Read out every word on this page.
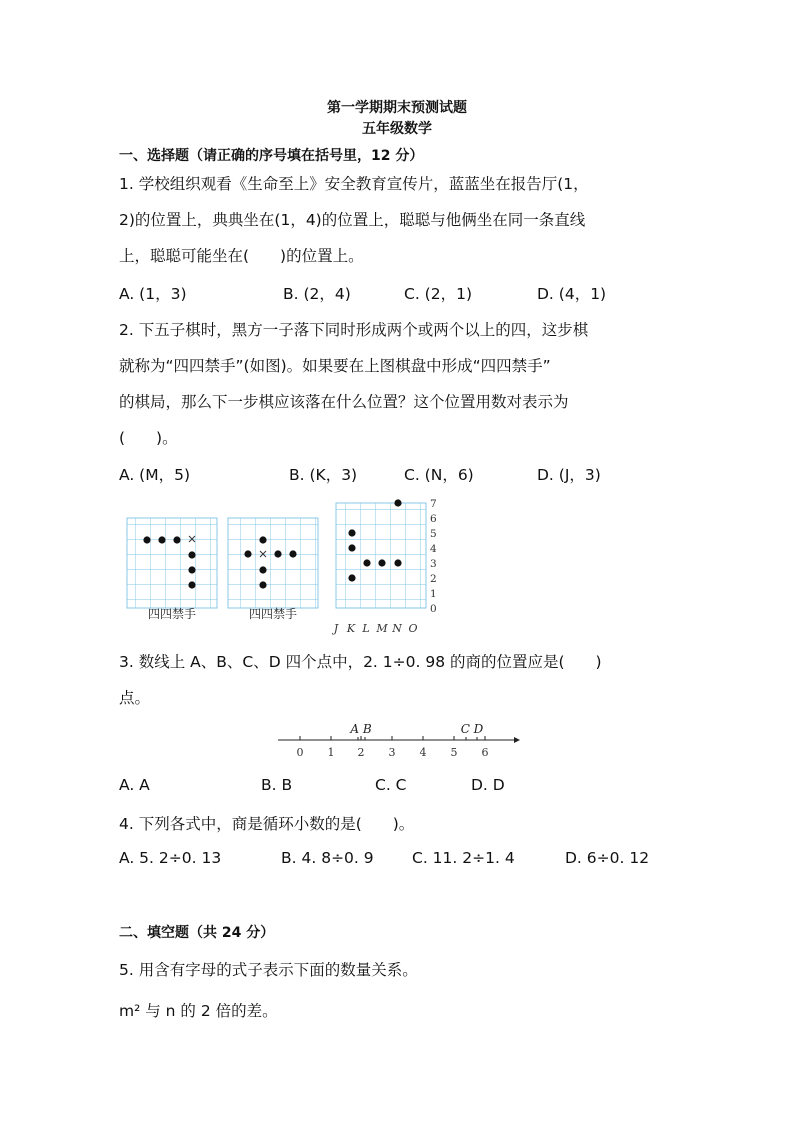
第一学期期末预测试题
五年级数学
一、选择题（请正确的序号填在括号里，12 分）
1. 学校组织观看《生命至上》安全教育宣传片，蓝蓝坐在报告厅(1，
2)的位置上，典典坐在(1，4)的位置上，聪聪与他俩坐在同一条直线
上，聪聪可能坐在(　　)的位置上。
A. (1，3)	B. (2，4)	C. (2，1)	D. (4，1)
2. 下五子棋时，黑方一子落下同时形成两个或两个以上的四，这步棋
就称为“四四禁手”(如图)。如果要在上图棋盘中形成“四四禁手”
的棋局，那么下一步棋应该落在什么位置？这个位置用数对表示为
(　　)。
A. (M，5)	B. (K，3)	C. (N，6)	D. (J，3)
四四禁手	四四禁手
J K L M N O
7
6
5
4
3
2
1
0
3. 数线上 A、B、C、D 四个点中，2. 1÷0. 98 的商的位置应是(　　)
点。
A B	C D
0 1 2 3 4 5 6
A. A	B. B	C. C	D. D
4. 下列各式中，商是循环小数的是(　　)。
A. 5. 2÷0. 13	B. 4. 8÷0. 9 C. 11. 2÷1. 4	D. 6÷0. 12
二、填空题（共 24 分）
5. 用含有字母的式子表示下面的数量关系。
m² 与 n 的 2 倍的差。
